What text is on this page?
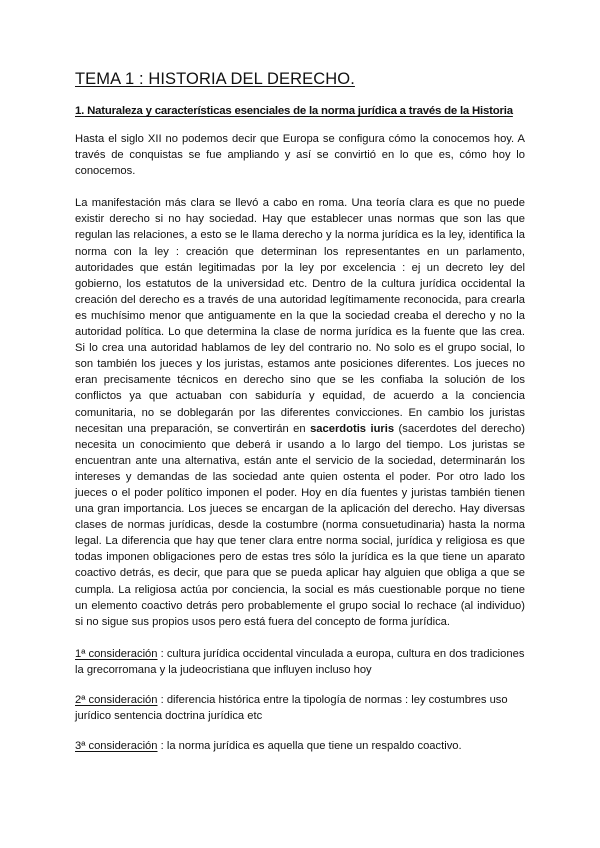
TEMA 1 : HISTORIA DEL DERECHO.
1. Naturaleza y características esenciales de la norma jurídica a través de la Historia

Hasta el siglo XII no podemos decir que Europa se configura cómo la conocemos hoy. A través de conquistas se fue ampliando y así se convirtió en lo que es, cómo hoy lo conocemos.

La manifestación más clara se llevó a cabo en roma. Una teoría clara es que no puede existir derecho si no hay sociedad. Hay que establecer unas normas que son las que regulan las relaciones, a esto se le llama derecho y la norma jurídica es la ley, identifica la norma con la ley : creación que determinan los representantes en un parlamento, autoridades que están legitimadas por la ley por excelencia : ej un decreto ley del gobierno, los estatutos de la universidad etc. Dentro de la cultura jurídica occidental la creación del derecho es a través de una autoridad legítimamente reconocida, para crearla es muchísimo menor que antiguamente en la que la sociedad creaba el derecho y no la autoridad política. Lo que determina la clase de norma jurídica es la fuente que las crea. Si lo crea una autoridad hablamos de ley del contrario no. No solo es el grupo social, lo son también los jueces y los juristas, estamos ante posiciones diferentes. Los jueces no eran precisamente técnicos en derecho sino que se les confiaba la solución de los conflictos ya que actuaban con sabiduría y equidad, de acuerdo a la conciencia comunitaria, no se doblegarán por las diferentes convicciones. En cambio los juristas necesitan una preparación, se convertirán en sacerdotis iuris (sacerdotes del derecho) necesita un conocimiento que deberá ir usando a lo largo del tiempo. Los juristas se encuentran ante una alternativa, están ante el servicio de la sociedad, determinarán los intereses y demandas de las sociedad ante quien ostenta el poder. Por otro lado los jueces o el poder político imponen el poder. Hoy en día fuentes y juristas también tienen una gran importancia. Los jueces se encargan de la aplicación del derecho. Hay diversas clases de normas jurídicas, desde la costumbre (norma consuetudinaria) hasta la norma legal. La diferencia que hay que tener clara entre norma social, jurídica y religiosa es que todas imponen obligaciones pero de estas tres sólo la jurídica es la que tiene un aparato coactivo detrás, es decir, que para que se pueda aplicar hay alguien que obliga a que se cumpla. La religiosa actúa por conciencia, la social es más cuestionable porque no tiene un elemento coactivo detrás pero probablemente el grupo social lo rechace (al individuo) si no sigue sus propios usos pero está fuera del concepto de forma jurídica.

1ª consideración : cultura jurídica occidental vinculada a europa, cultura en dos tradiciones la grecorromana y la judeocristiana que influyen incluso hoy

2ª consideración : diferencia histórica entre la tipología de normas : ley costumbres uso jurídico sentencia doctrina jurídica etc

3ª consideración : la norma jurídica es aquella que tiene un respaldo coactivo.
